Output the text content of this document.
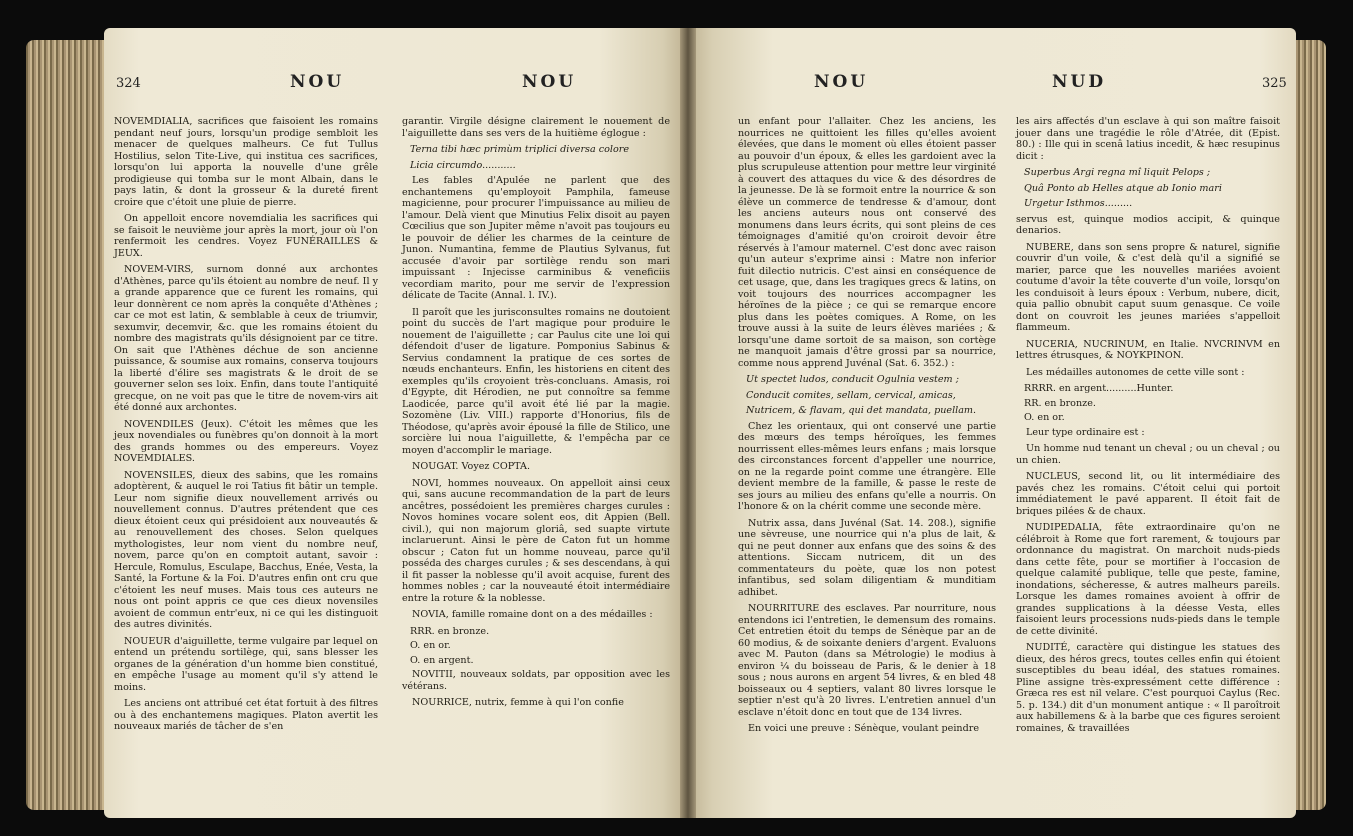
324	NOU	NOU

NOVEMDIALIA, sacrifices que faisoient les romains pendant neuf jours, lorsqu'un prodige sembloit les menacer de quelques malheurs. Ce fut Tullus Hostilius, selon Tite-Live, qui institua ces sacrifices, lorsqu'on lui apporta la nouvelle d'une grêle prodigieuse qui tomba sur le mont Albain, dans le pays latin, & dont la grosseur & la dureté firent croire que c'étoit une pluie de pierre.

On appelloit encore novemdialia les sacrifices qui se faisoit le neuvième jour après la mort, jour où l'on renfermoit les cendres. Voyez FUNÉRAILLES & JEUX.

NOVEM-VIRS, surnom donné aux archontes d'Athènes, parce qu'ils étoient au nombre de neuf. Il y a grande apparence que ce furent les romains, qui leur donnèrent ce nom après la conquête d'Athènes ; car ce mot est latin, & semblable à ceux de triumvir, sexumvir, decemvir, &c. que les romains étoient du nombre des magistrats qu'ils désignoient par ce titre. On sait que l'Athènes déchue de son ancienne puissance, & soumise aux romains, conserva toujours la liberté d'élire ses magistrats & le droit de se gouverner selon ses loix. Enfin, dans toute l'antiquité grecque, on ne voit pas que le titre de novem-virs ait été donné aux archontes.

NOVENDILES (Jeux). C'étoit les mêmes que les jeux novendiales ou funèbres qu'on donnoit à la mort des grands hommes ou des empereurs. Voyez NOVEMDIALES.

NOVENSILES, dieux des sabins, que les romains adoptèrent, & auquel le roi Tatius fit bâtir un temple. Leur nom signifie dieux nouvellement arrivés ou nouvellement connus. D'autres prétendent que ces dieux étoient ceux qui présidoient aux nouveautés & au renouvellement des choses. Selon quelques mythologistes, leur nom vient du nombre neuf, novem, parce qu'on en comptoit autant, savoir : Hercule, Romulus, Esculape, Bacchus, Enée, Vesta, la Santé, la Fortune & la Foi. D'autres enfin ont cru que c'étoient les neuf muses. Mais tous ces auteurs ne nous ont point appris ce que ces dieux novensiles avoient de commun entr'eux, ni ce qui les distinguoit des autres divinités.

NOUEUR d'aiguillette, terme vulgaire par lequel on entend un prétendu sortilège, qui, sans blesser les organes de la génération d'un homme bien constitué, en empêche l'usage au moment qu'il s'y attend le moins.

Les anciens ont attribué cet état fortuit à des filtres ou à des enchantemens magiques. Platon avertit les nouveaux mariés de tâcher de s'en

garantir. Virgile désigne clairement le nouement de l'aiguillette dans ses vers de la huitième églogue :

Terna tibi hæc primùm triplici diversa colore

Licia circumdo...........

Les fables d'Apulée ne parlent que des enchantemens qu'employoit Pamphila, fameuse magicienne, pour procurer l'impuissance au milieu de l'amour. Delà vient que Minutius Felix disoit au payen Cœcilius que son Jupiter même n'avoit pas toujours eu le pouvoir de délier les charmes de la ceinture de Junon. Numantina, femme de Plautius Sylvanus, fut accusée d'avoir par sortilège rendu son mari impuissant : Injecisse carminibus & veneficiis vecordiam marito, pour me servir de l'expression délicate de Tacite (Annal. l. IV.).

Il paroît que les jurisconsultes romains ne doutoient point du succès de l'art magique pour produire le nouement de l'aiguillette ; car Paulus cite une loi qui défendoit d'user de ligature. Pomponius Sabinus & Servius condamnent la pratique de ces sortes de nœuds enchanteurs. Enfin, les historiens en citent des exemples qu'ils croyoient très-concluans. Amasis, roi d'Egypte, dit Hérodien, ne put connoître sa femme Laodicée, parce qu'il avoit été lié par la magie. Sozomène (Liv. VIII.) rapporte d'Honorius, fils de Théodose, qu'après avoir épousé la fille de Stilico, une sorcière lui noua l'aiguillette, & l'empêcha par ce moyen d'accomplir le mariage.

NOUGAT. Voyez COPTA.

NOVI, hommes nouveaux. On appelloit ainsi ceux qui, sans aucune recommandation de la part de leurs ancêtres, possédoient les premières charges curules : Novos homines vocare solent eos, dit Appien (Bell. civil.), qui non majorum gloriâ, sed suapte virtute inclaruerunt. Ainsi le père de Caton fut un homme obscur ; Caton fut un homme nouveau, parce qu'il posséda des charges curules ; & ses descendans, à qui il fit passer la noblesse qu'il avoit acquise, furent des hommes nobles ; car la nouveauté étoit intermédiaire entre la roture & la noblesse.

NOVIA, famille romaine dont on a des médailles :

RRR. en bronze.

O. en or.

O. en argent.

NOVITII, nouveaux soldats, par opposition avec les vétérans.

NOURRICE, nutrix, femme à qui l'on confie

NOU	NUD	325

un enfant pour l'allaiter. Chez les anciens, les nourrices ne quittoient les filles qu'elles avoient élevées, que dans le moment où elles étoient passer au pouvoir d'un époux, & elles les gardoient avec la plus scrupuleuse attention pour mettre leur virginité à couvert des attaques du vice & des désordres de la jeunesse. De là se formoit entre la nourrice & son élève un commerce de tendresse & d'amour, dont les anciens auteurs nous ont conservé des monumens dans leurs écrits, qui sont pleins de ces témoignages d'amitié qu'on croiroit devoir être réservés à l'amour maternel. C'est donc avec raison qu'un auteur s'exprime ainsi : Matre non inferior fuit dilectio nutricis. C'est ainsi en conséquence de cet usage, que, dans les tragiques grecs & latins, on voit toujours des nourrices accompagner les héroïnes de la pièce ; ce qui se remarque encore plus dans les poètes comiques. A Rome, on les trouve aussi à la suite de leurs élèves mariées ; & lorsqu'une dame sortoit de sa maison, son cortège ne manquoit jamais d'être grossi par sa nourrice, comme nous apprend Juvénal (Sat. 6. 352.) :

Ut spectet ludos, conducit Ogulnia vestem ;

Conducit comites, sellam, cervical, amicas,

Nutricem, & flavam, qui det mandata, puellam.

Chez les orientaux, qui ont conservé une partie des mœurs des temps héroïques, les femmes nourrissent elles-mêmes leurs enfans ; mais lorsque des circonstances forcent d'appeller une nourrice, on ne la regarde point comme une étrangère. Elle devient membre de la famille, & passe le reste de ses jours au milieu des enfans qu'elle a nourris. On l'honore & on la chérit comme une seconde mère.

Nutrix assa, dans Juvénal (Sat. 14. 208.), signifie une sèvreuse, une nourrice qui n'a plus de lait, & qui ne peut donner aux enfans que des soins & des attentions. Siccam nutricem, dit un des commentateurs du poète, quæ los non potest infantibus, sed solam diligentiam & munditiam adhibet.

NOURRITURE des esclaves. Par nourriture, nous entendons ici l'entretien, le demensum des romains. Cet entretien étoit du temps de Sénèque par an de 60 modius, & de soixante deniers d'argent. Evaluons avec M. Pauton (dans sa Métrologie) le modius à environ ¼ du boisseau de Paris, & le denier à 18 sous ; nous aurons en argent 54 livres, & en bled 48 boisseaux ou 4 septiers, valant 80 livres lorsque le septier n'est qu'à 20 livres. L'entretien annuel d'un esclave n'étoit donc en tout que de 134 livres.

En voici une preuve : Sénèque, voulant peindre

les airs affectés d'un esclave à qui son maître faisoit jouer dans une tragédie le rôle d'Atrée, dit (Epist. 80.) : Ille qui in scenâ latius incedit, & hæc resupinus dicit :

Superbus Argi regna mî liquit Pelops ;

Quâ Ponto ab Helles atque ab Ionio mari

Urgetur Isthmos.........

servus est, quinque modios accipit, & quinque denarios.

NUBERE, dans son sens propre & naturel, signifie couvrir d'un voile, & c'est delà qu'il a signifié se marier, parce que les nouvelles mariées avoient coutume d'avoir la tête couverte d'un voile, lorsqu'on les conduisoit à leurs époux : Verbum, nubere, dicit, quia pallio obnubit caput suum genasque. Ce voile dont on couvroit les jeunes mariées s'appelloit flammeum.

NUCERIA, NUCRINUM, en Italie. NVCRINVM en lettres étrusques, & NOYKPINON.

Les médailles autonomes de cette ville sont :

RRRR. en argent..........Hunter.

RR. en bronze.

O. en or.

Leur type ordinaire est :

Un homme nud tenant un cheval ; ou un cheval ; ou un chien.

NUCLEUS, second lit, ou lit intermédiaire des pavés chez les romains. C'étoit celui qui portoit immédiatement le pavé apparent. Il étoit fait de briques pilées & de chaux.

NUDIPEDALIA, fête extraordinaire qu'on ne célébroit à Rome que fort rarement, & toujours par ordonnance du magistrat. On marchoit nuds-pieds dans cette fête, pour se mortifier à l'occasion de quelque calamité publique, telle que peste, famine, inondations, sécheresse, & autres malheurs pareils. Lorsque les dames romaines avoient à offrir de grandes supplications à la déesse Vesta, elles faisoient leurs processions nuds-pieds dans le temple de cette divinité.

NUDITÉ, caractère qui distingue les statues des dieux, des héros grecs, toutes celles enfin qui étoient susceptibles du beau idéal, des statues romaines. Pline assigne très-expressément cette différence : Græca res est nil velare. C'est pourquoi Caylus (Rec. 5. p. 134.) dit d'un monument antique : « Il paroîtroit aux habillemens & à la barbe que ces figures seroient romaines, & travaillées
